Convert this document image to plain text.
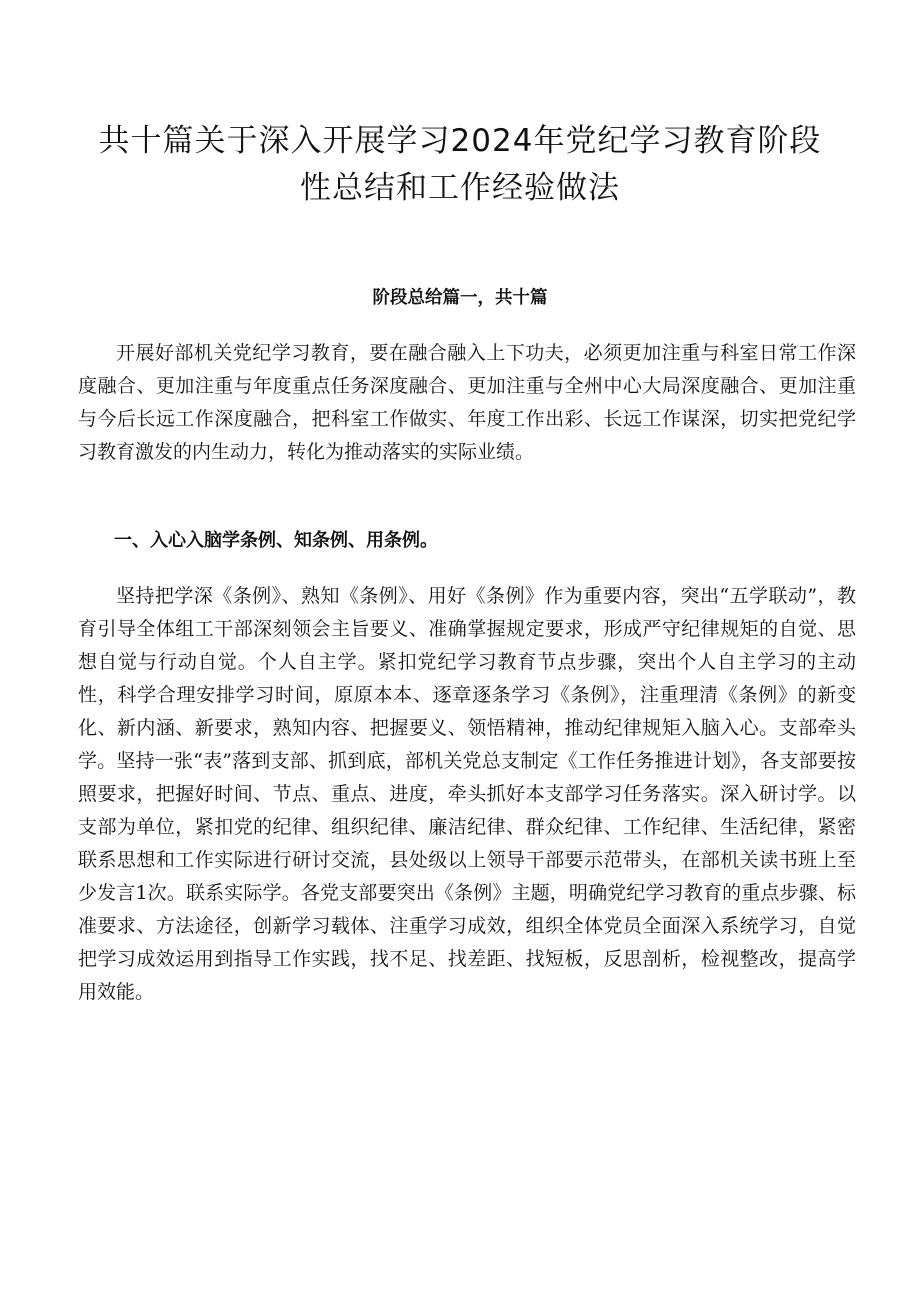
共十篇关于深入开展学习2024年党纪学习教育阶段
性总结和工作经验做法
阶段总给篇一，共十篇

开展好部机关党纪学习教育，要在融合融入上下功夫，必须更加注重与科室日常工作深度融合、更加注重与年度重点任务深度融合、更加注重与全州中心大局深度融合、更加注重与今后长远工作深度融合，把科室工作做实、年度工作出彩、长远工作谋深，切实把党纪学习教育激发的内生动力，转化为推动落实的实际业绩。

一、入心入脑学条例、知条例、用条例。

坚持把学深《条例》、熟知《条例》、用好《条例》作为重要内容，突出“五学联动”，教育引导全体组工干部深刻领会主旨要义、准确掌握规定要求，形成严守纪律规矩的自觉、思想自觉与行动自觉。个人自主学。紧扣党纪学习教育节点步骤，突出个人自主学习的主动性，科学合理安排学习时间，原原本本、逐章逐条学习《条例》，注重理清《条例》的新变化、新内涵、新要求，熟知内容、把握要义、领悟精神，推动纪律规矩入脑入心。支部牵头学。坚持一张“表”落到支部、抓到底，部机关党总支制定《工作任务推进计划》，各支部要按照要求，把握好时间、节点、重点、进度，牵头抓好本支部学习任务落实。深入研讨学。以支部为单位，紧扣党的纪律、组织纪律、廉洁纪律、群众纪律、工作纪律、生活纪律，紧密联系思想和工作实际进行研讨交流，县处级以上领导干部要示范带头，在部机关读书班上至少发言1次。联系实际学。各党支部要突出《条例》主题，明确党纪学习教育的重点步骤、标准要求、方法途径，创新学习载体、注重学习成效，组织全体党员全面深入系统学习，自觉把学习成效运用到指导工作实践，找不足、找差距、找短板，反思剖析，检视整改，提高学用效能。
